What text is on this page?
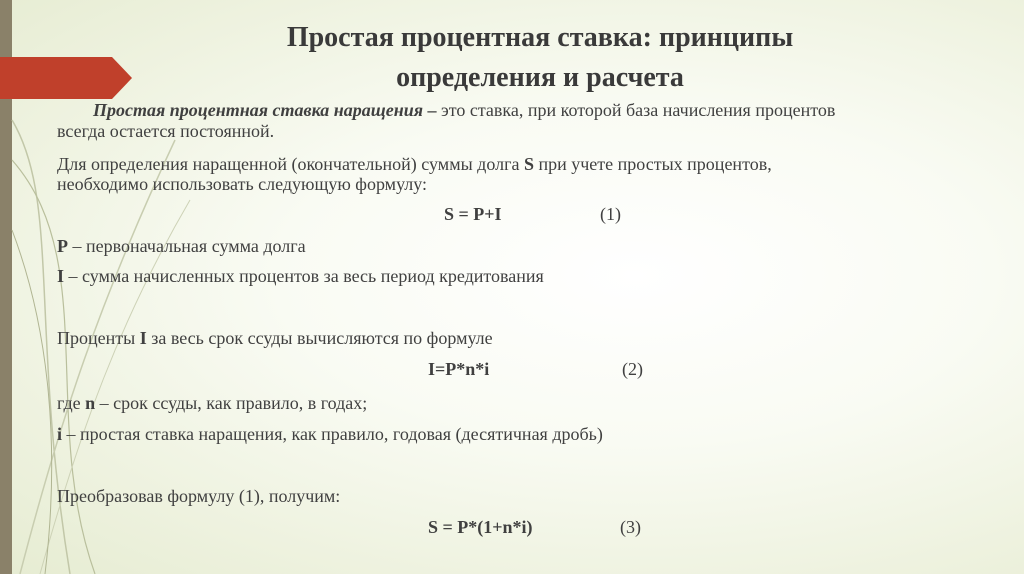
Простая процентная ставка: принципы
определения и расчета
Простая процентная ставка наращения – это ставка, при которой база начисления процентов
всегда остается постоянной.
Для определения наращенной (окончательной) суммы долга S при учете простых процентов,
необходимо использовать следующую формулу:
S = P+I	(1)
P – первоначальная сумма долга
I – сумма начисленных процентов за весь период кредитования
Проценты I за весь срок ссуды вычисляются по формуле
I=P*n*i	(2)
где n – срок ссуды, как правило, в годах;
i – простая ставка наращения, как правило, годовая (десятичная дробь)
Преобразовав формулу (1), получим:
S = P*(1+n*i)	(3)
